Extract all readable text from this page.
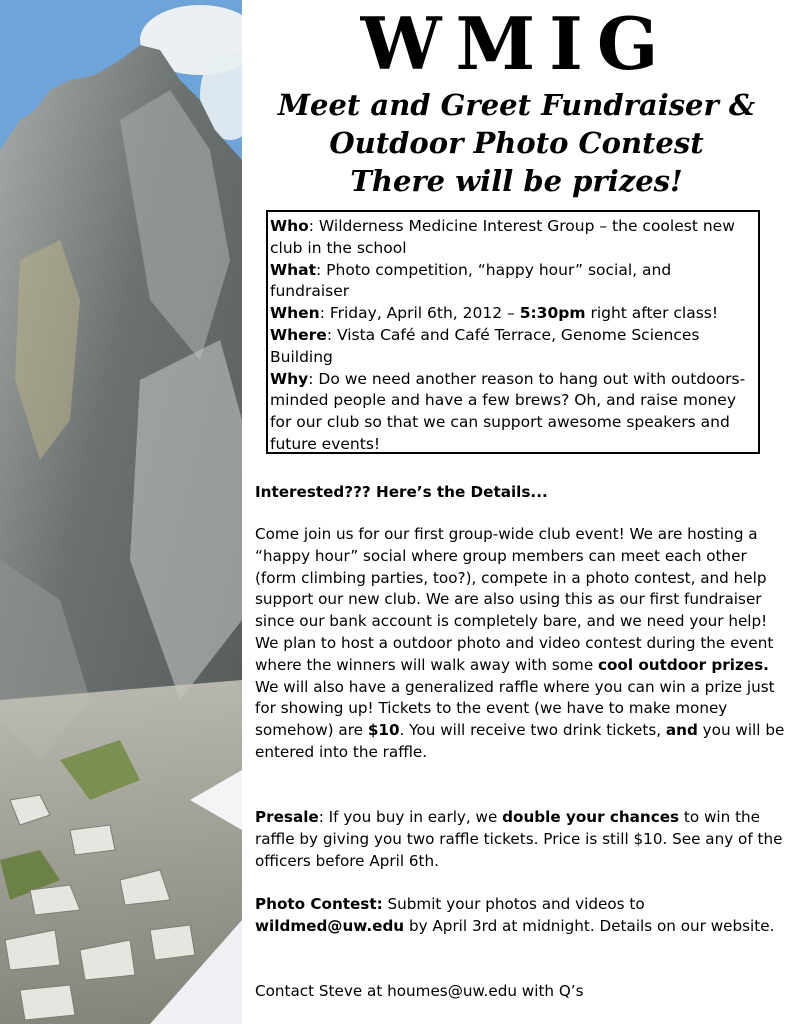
WMIG
Meet and Greet Fundraiser &
Outdoor Photo Contest
There will be prizes!

Who: Wilderness Medicine Interest Group – the coolest new club in the school

What: Photo competition, “happy hour” social, and fundraiser

When: Friday, April 6th, 2012 – 5:30pm right after class!

Where: Vista Café and Café Terrace, Genome Sciences Building

Why: Do we need another reason to hang out with outdoors-minded people and have a few brews? Oh, and raise money for our club so that we can support awesome speakers and future events!

Interested??? Here’s the Details...

Come join us for our first group-wide club event! We are hosting a “happy hour” social where group members can meet each other (form climbing parties, too?), compete in a photo contest, and help support our new club. We are also using this as our first fundraiser since our bank account is completely bare, and we need your help! We plan to host a outdoor photo and video contest during the event where the winners will walk away with some cool outdoor prizes. We will also have a generalized raffle where you can win a prize just for showing up! Tickets to the event (we have to make money somehow) are $10. You will receive two drink tickets, and you will be entered into the raffle.

Presale: If you buy in early, we double your chances to win the raffle by giving you two raffle tickets. Price is still $10. See any of the officers before April 6th.

Photo Contest: Submit your photos and videos to wildmed@uw.edu by April 3rd at midnight. Details on our website.

Contact Steve at houmes@uw.edu with Q’s
